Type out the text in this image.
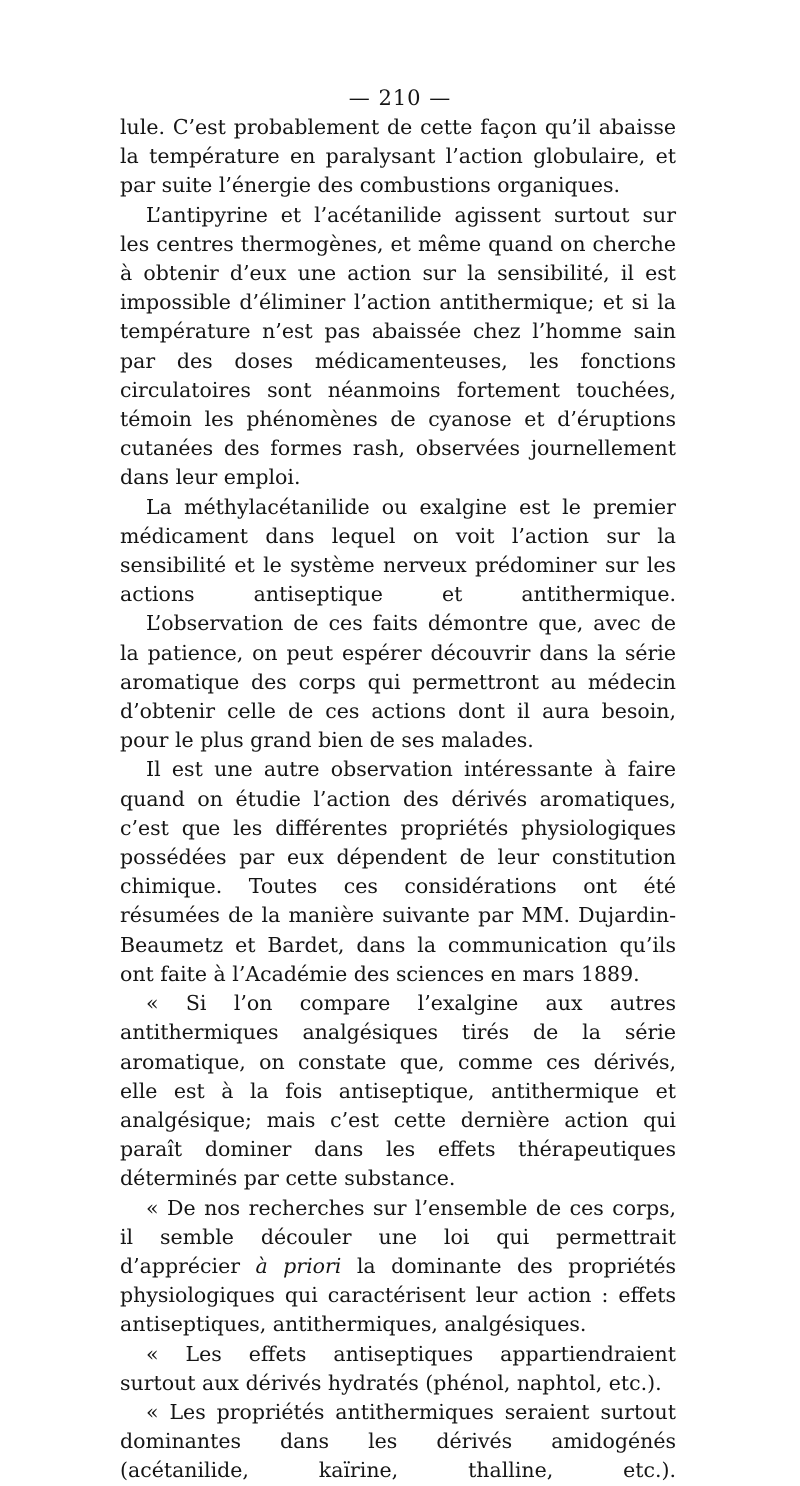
— 210 —

lule. C’est probablement de cette façon qu’il abaisse la température en paralysant l’action globulaire, et par suite l’énergie des combustions organiques.

L’antipyrine et l’acétanilide agissent surtout sur les centres thermogènes, et même quand on cherche à obtenir d’eux une action sur la sensibilité, il est impossible d’éliminer l’action antithermique; et si la température n’est pas abaissée chez l’homme sain par des doses médicamenteuses, les fonctions circulatoires sont néanmoins fortement touchées, témoin les phénomènes de cyanose et d’éruptions cutanées des formes rash, observées journellement dans leur emploi.

La méthylacétanilide ou exalgine est le premier médicament dans lequel on voit l’action sur la sensibilité et le système nerveux prédominer sur les actions antiseptique et antithermique.

L’observation de ces faits démontre que, avec de la patience, on peut espérer découvrir dans la série aromatique des corps qui permettront au médecin d’obtenir celle de ces actions dont il aura besoin, pour le plus grand bien de ses malades.

Il est une autre observation intéressante à faire quand on étudie l’action des dérivés aromatiques, c’est que les différentes propriétés physiologiques possédées par eux dépendent de leur constitution chimique. Toutes ces considérations ont été résumées de la manière suivante par MM. Dujardin-Beaumetz et Bardet, dans la communication qu’ils ont faite à l’Académie des sciences en mars 1889.

« Si l’on compare l’exalgine aux autres antithermiques analgésiques tirés de la série aromatique, on constate que, comme ces dérivés, elle est à la fois antiseptique, antithermique et analgésique; mais c’est cette dernière action qui paraît dominer dans les effets thérapeutiques déterminés par cette substance.

« De nos recherches sur l’ensemble de ces corps, il semble découler une loi qui permettrait d’apprécier à priori la dominante des propriétés physiologiques qui caractérisent leur action : effets antiseptiques, antithermiques, analgésiques.

« Les effets antiseptiques appartiendraient surtout aux dérivés hydratés (phénol, naphtol, etc.).

« Les propriétés antithermiques seraient surtout dominantes dans les dérivés amidogénés (acétanilide, kaïrine, thalline, etc.).
